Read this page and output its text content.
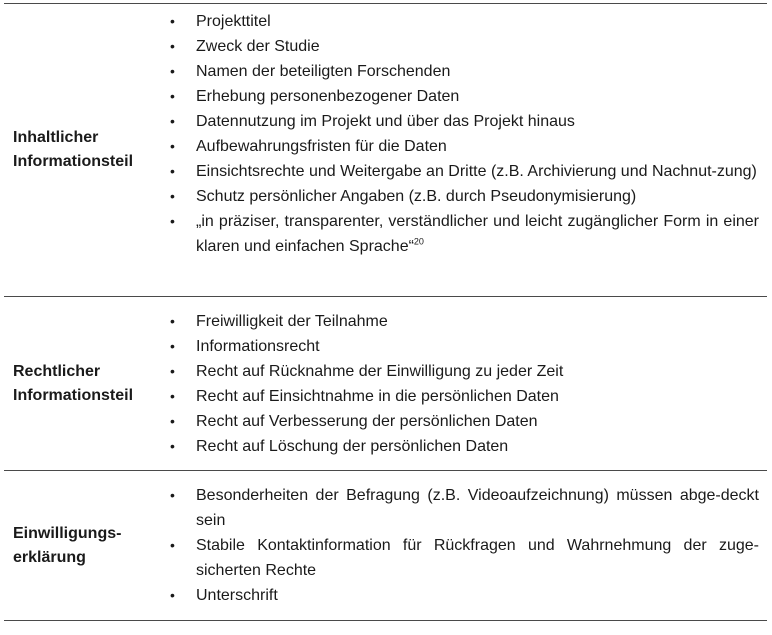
Inhaltlicher
Informationsteil
• Projekttitel
• Zweck der Studie
• Namen der beteiligten Forschenden
• Erhebung personenbezogener Daten
• Datennutzung im Projekt und über das Projekt hinaus
• Aufbewahrungsfristen für die Daten
• Einsichtsrechte und Weitergabe an Dritte (z.B. Archivierung und Nachnut-zung)
• Schutz persönlicher Angaben (z.B. durch Pseudonymisierung)
• „in präziser, transparenter, verständlicher und leicht zugänglicher Form in einer klaren und einfachen Sprache“$^{20}$
Rechtlicher
Informationsteil
• Freiwilligkeit der Teilnahme
• Informationsrecht
• Recht auf Rücknahme der Einwilligung zu jeder Zeit
• Recht auf Einsichtnahme in die persönlichen Daten
• Recht auf Verbesserung der persönlichen Daten
• Recht auf Löschung der persönlichen Daten
Einwilligungs-
erklärung
• Besonderheiten der Befragung (z.B. Videoaufzeichnung) müssen abge-deckt sein
• Stabile Kontaktinformation für Rückfragen und Wahrnehmung der zuge-sicherten Rechte
• Unterschrift
